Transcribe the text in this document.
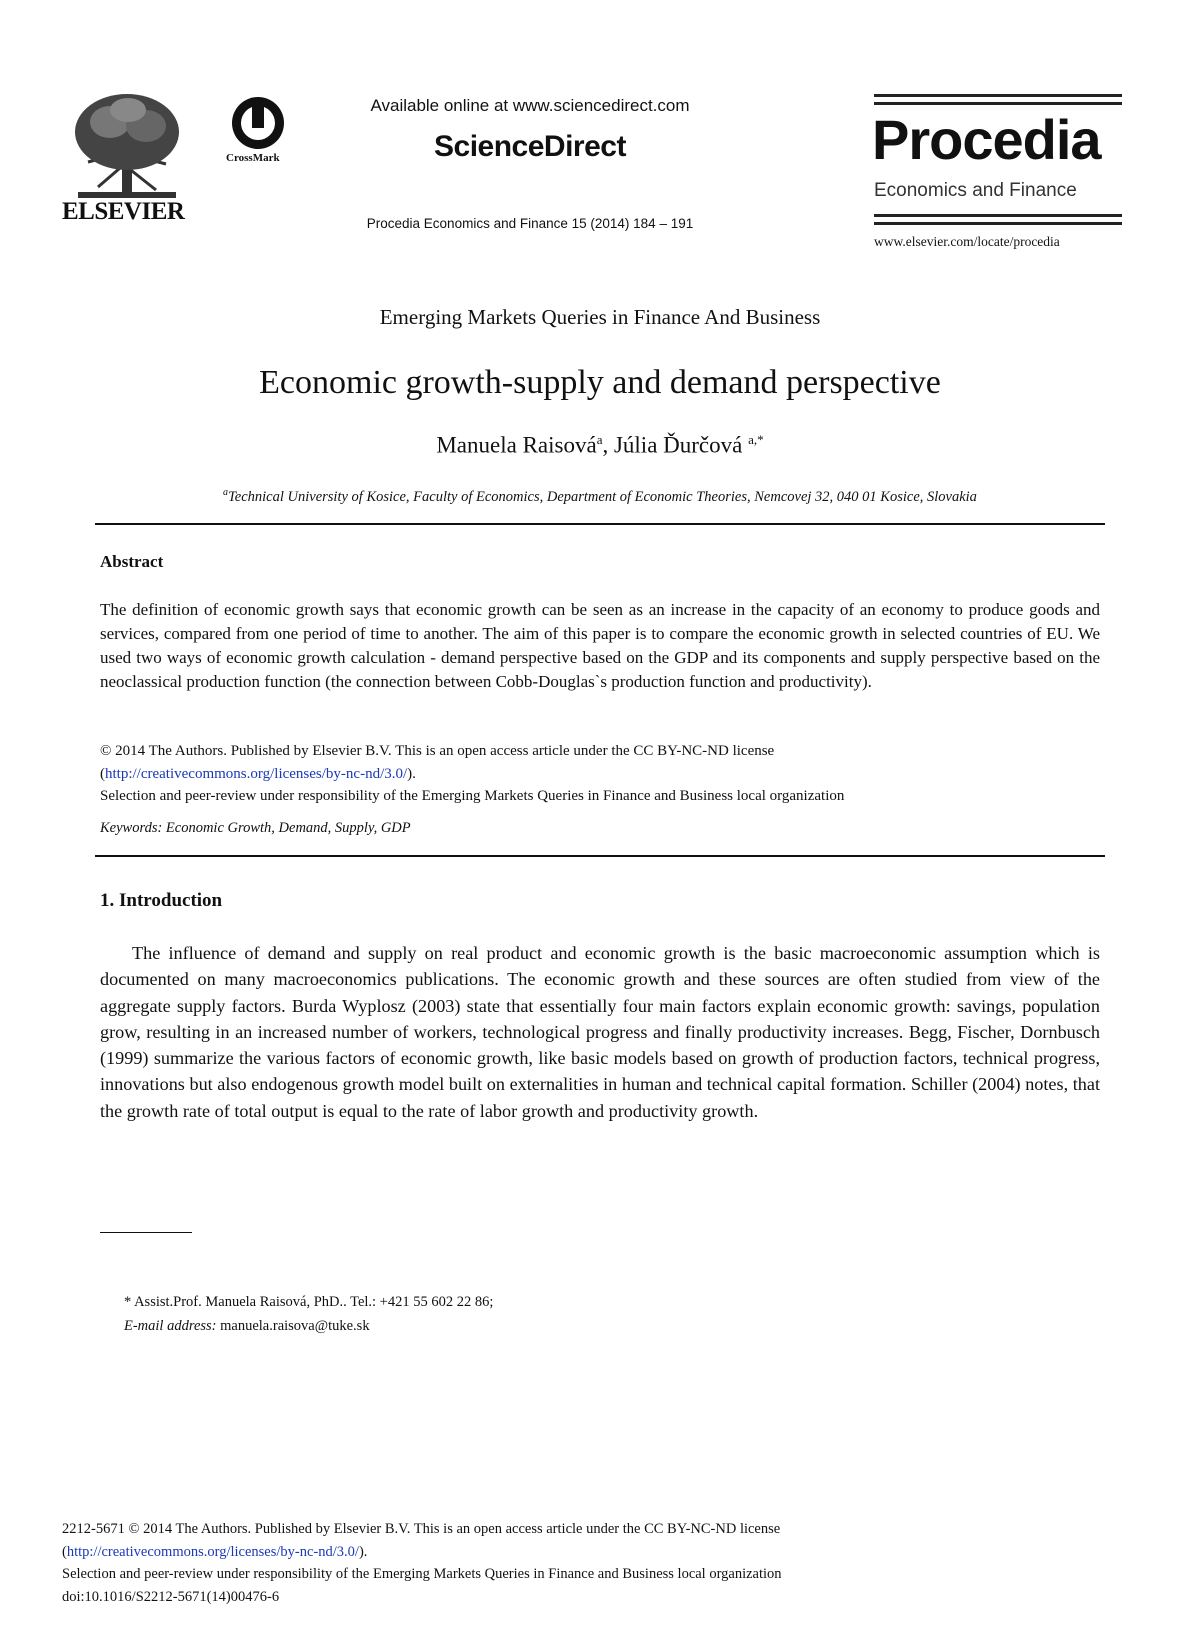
ELSEVIER
CrossMark
Available online at www.sciencedirect.com
ScienceDirect
Procedia Economics and Finance 15 (2014) 184 – 191
Procedia
Economics and Finance
www.elsevier.com/locate/procedia
Emerging Markets Queries in Finance And Business
Economic growth-supply and demand perspective
Manuela Raisová$^a$, Júlia Ďurčová $^{a,*}$
$^a$Technical University of Kosice, Faculty of Economics, Department of Economic Theories, Nemcovej 32, 040 01 Kosice, Slovakia
Abstract
The definition of economic growth says that economic growth can be seen as an increase in the capacity of an economy to produce goods and services, compared from one period of time to another. The aim of this paper is to compare the economic growth in selected countries of EU. We used two ways of economic growth calculation - demand perspective based on the GDP and its components and supply perspective based on the neoclassical production function (the connection between Cobb-Douglas`s production function and productivity).
© 2014 The Authors. Published by Elsevier B.V. This is an open access article under the CC BY-NC-ND license
(http://creativecommons.org/licenses/by-nc-nd/3.0/).
Selection and peer-review under responsibility of the Emerging Markets Queries in Finance and Business local organization
Keywords: Economic Growth, Demand, Supply, GDP
1. Introduction
The influence of demand and supply on real product and economic growth is the basic macroeconomic assumption which is documented on many macroeconomics publications. The economic growth and these sources are often studied from view of the aggregate supply factors. Burda Wyplosz (2003) state that essentially four main factors explain economic growth: savings, population grow, resulting in an increased number of workers, technological progress and finally productivity increases. Begg, Fischer, Dornbusch (1999) summarize the various factors of economic growth, like basic models based on growth of production factors, technical progress, innovations but also endogenous growth model built on externalities in human and technical capital formation. Schiller (2004) notes, that the growth rate of total output is equal to the rate of labor growth and productivity growth.
* Assist.Prof. Manuela Raisová, PhD.. Tel.: +421 55 602 22 86;
E-mail address: manuela.raisova@tuke.sk
2212-5671 © 2014 The Authors. Published by Elsevier B.V. This is an open access article under the CC BY-NC-ND license
(http://creativecommons.org/licenses/by-nc-nd/3.0/).
Selection and peer-review under responsibility of the Emerging Markets Queries in Finance and Business local organization
doi:10.1016/S2212-5671(14)00476-6
